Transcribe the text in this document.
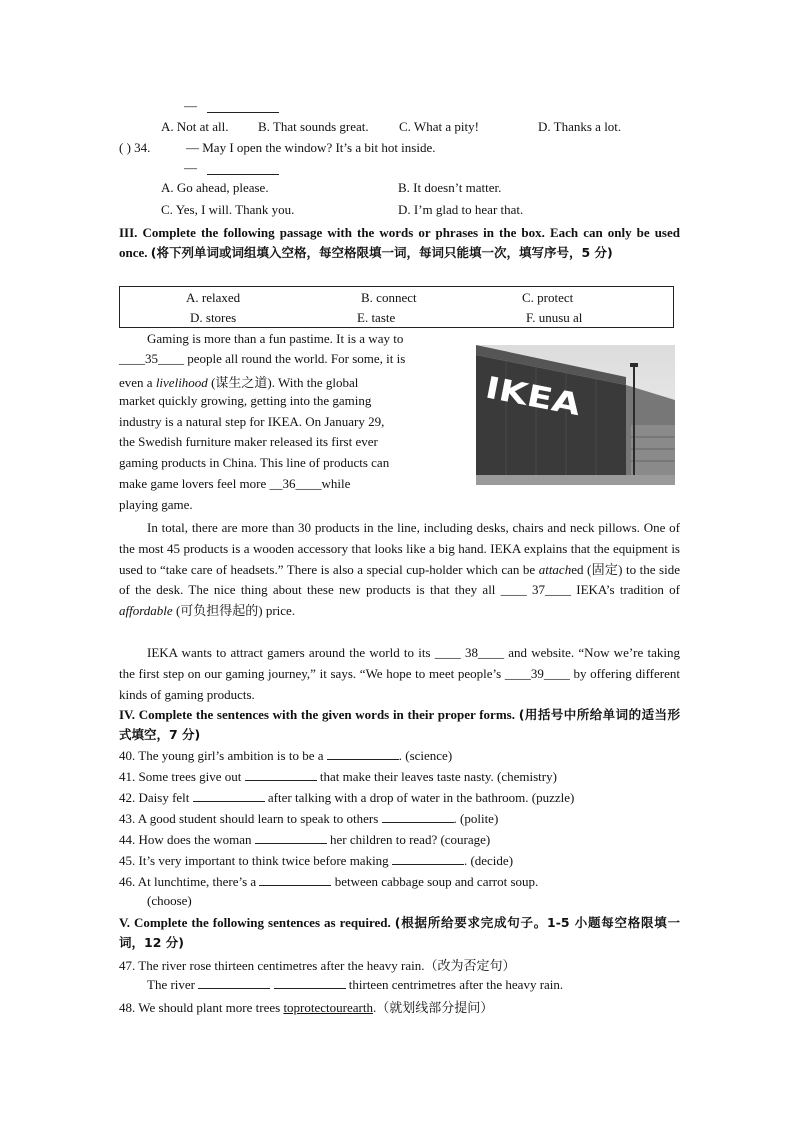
—
A. Not at all. B. That sounds great. C. What a pity!	D. Thanks a lot.
( ) 34.	— May I open the window? It’s a bit hot inside.
—
A. Go ahead, please.	B. It doesn’t matter.
C. Yes, I will. Thank you.	D. I’m glad to hear that.
III. Complete the following passage with the words or phrases in the box. Each can only be used once. (将下列单词或词组填入空格，每空格限填一词，每词只能填一次，填写序号，5 分)
A. relaxed	B. connect	C. protect
D. stores	E. taste	F. unusu al
Gaming is more than a fun pastime. It is a way to
____35____ people all round the world. For some, it is
even a livelihood (谋生之道). With the global
market quickly growing, getting into the gaming
industry is a natural step for IKEA. On January 29,
the Swedish furniture maker released its first ever
gaming products in China. This line of products can
make game lovers feel more __36____while
playing game.
IKEA
In total, there are more than 30 products in the line, including desks, chairs and neck pillows. One of the most 45 products is a wooden accessory that looks like a big hand. IEKA explains that the equipment is used to “take care of headsets.” There is also a special cup-holder which can be attached (固定) to the side of the desk. The nice thing about these new products is that they all ____ 37____ IEKA’s tradition of affordable (可负担得起的) price.
IEKA wants to attract gamers around the world to its ____ 38____ and website. “Now we’re taking the first step on our gaming journey,” it says. “We hope to meet people’s ____39____ by offering different kinds of gaming products.
IV. Complete the sentences with the given words in their proper forms. (用括号中所给单词的适当形式填空，7 分)
40. The young girl’s ambition is to be a	. (science)
41. Some trees give out	that make their leaves taste nasty. (chemistry)
42. Daisy felt	after talking with a drop of water in the bathroom. (puzzle)
43. A good student should learn to speak to others	. (polite)
44. How does the woman	her children to read? (courage)
45. It’s very important to think twice before making	. (decide)
46. At lunchtime, there’s a	between cabbage soup and carrot soup.
(choose)
V. Complete the following sentences as required. (根据所给要求完成句子。1-5 小题每空格限填一词，12 分)
47. The river rose thirteen centimetres after the heavy rain.（改为否定句）
The river	thirteen centrimetres after the heavy rain.
48. We should plant more trees toprotectourearth.（就划线部分提问）
